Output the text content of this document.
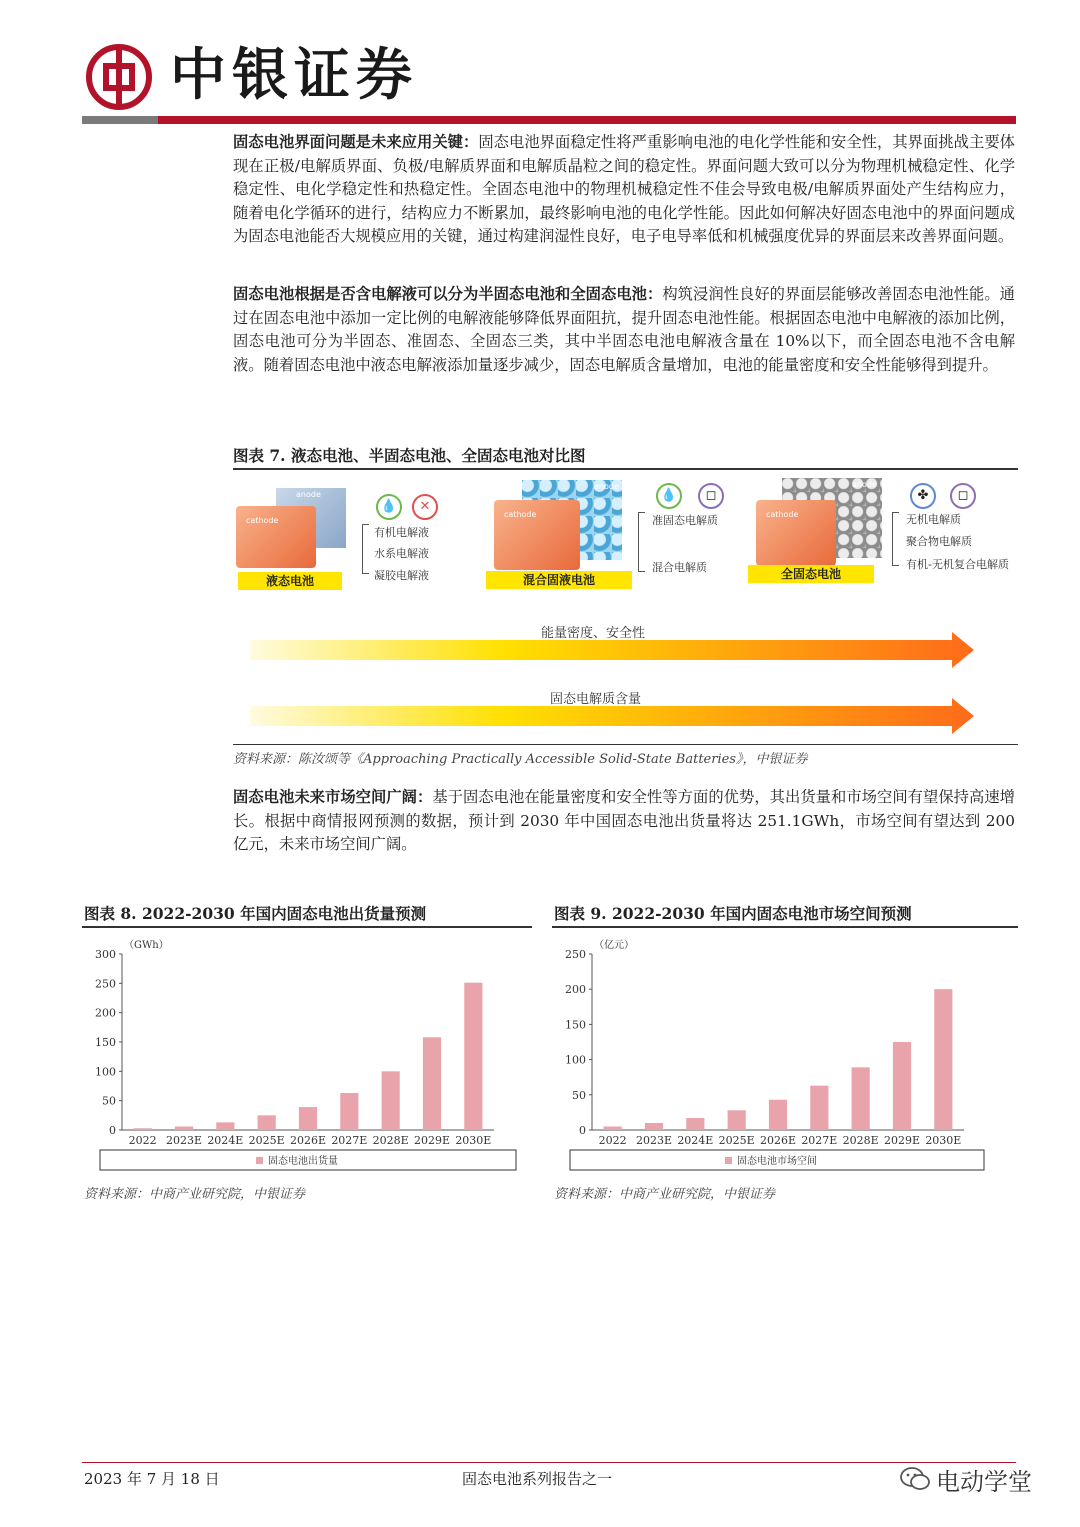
中银证券

固态电池界面问题是未来应用关键：固态电池界面稳定性将严重影响电池的电化学性能和安全性，其界面挑战主要体现在正极/电解质界面、负极/电解质界面和电解质晶粒之间的稳定性。界面问题大致可以分为物理机械稳定性、化学稳定性、电化学稳定性和热稳定性。全固态电池中的物理机械稳定性不佳会导致电极/电解质界面处产生结构应力，随着电化学循环的进行，结构应力不断累加，最终影响电池的电化学性能。因此如何解决好固态电池中的界面问题成为固态电池能否大规模应用的关键，通过构建润湿性良好，电子电导率低和机械强度优异的界面层来改善界面问题。

固态电池根据是否含电解液可以分为半固态电池和全固态电池：构筑浸润性良好的界面层能够改善固态电池性能。通过在固态电池中添加一定比例的电解液能够降低界面阻抗，提升固态电池性能。根据固态电池中电解液的添加比例，固态电池可分为半固态、准固态、全固态三类，其中半固态电池电解液含量在 10%以下，而全固态电池不含电解液。随着固态电池中液态电解液添加量逐步减少，固态电解质含量增加，电池的能量密度和安全性能够得到提升。

图表 7. 液态电池、半固态电池、全固态电池对比图
anode
cathode
液态电池
💧	✕
有机电解液
水系电解液
凝胶电解液
anode
cathode
混合固液电池
💧	◻
准固态电解质
混合电解质
anode
cathode
全固态电池
✤	◻
无机电解质
聚合物电解质
有机-无机复合电解质
能量密度、安全性
固态电解质含量
资料来源：陈汝颂等《Approaching Practically Accessible Solid-State Batteries》，中银证券

固态电池未来市场空间广阔：基于固态电池在能量密度和安全性等方面的优势，其出货量和市场空间有望保持高速增长。根据中商情报网预测的数据，预计到 2030 年中国固态电池出货量将达 251.1GWh，市场空间有望达到 200 亿元，未来市场空间广阔。

图表 8. 2022-2030 年国内固态电池出货量预测
（GWh）
0
50
100
150
200
250
300
2022 2023E 2024E 2025E 2026E 2027E 2028E 2029E 2030E
固态电池出货量
资料来源：中商产业研究院，中银证券
图表 9. 2022-2030 年国内固态电池市场空间预测
（亿元）
0
50
100
150
200
250
2022 2023E 2024E 2025E 2026E 2027E 2028E 2029E 2030E
固态电池市场空间
资料来源：中商产业研究院，中银证券
2023 年 7 月 18 日	固态电池系列报告之一	电动学堂
